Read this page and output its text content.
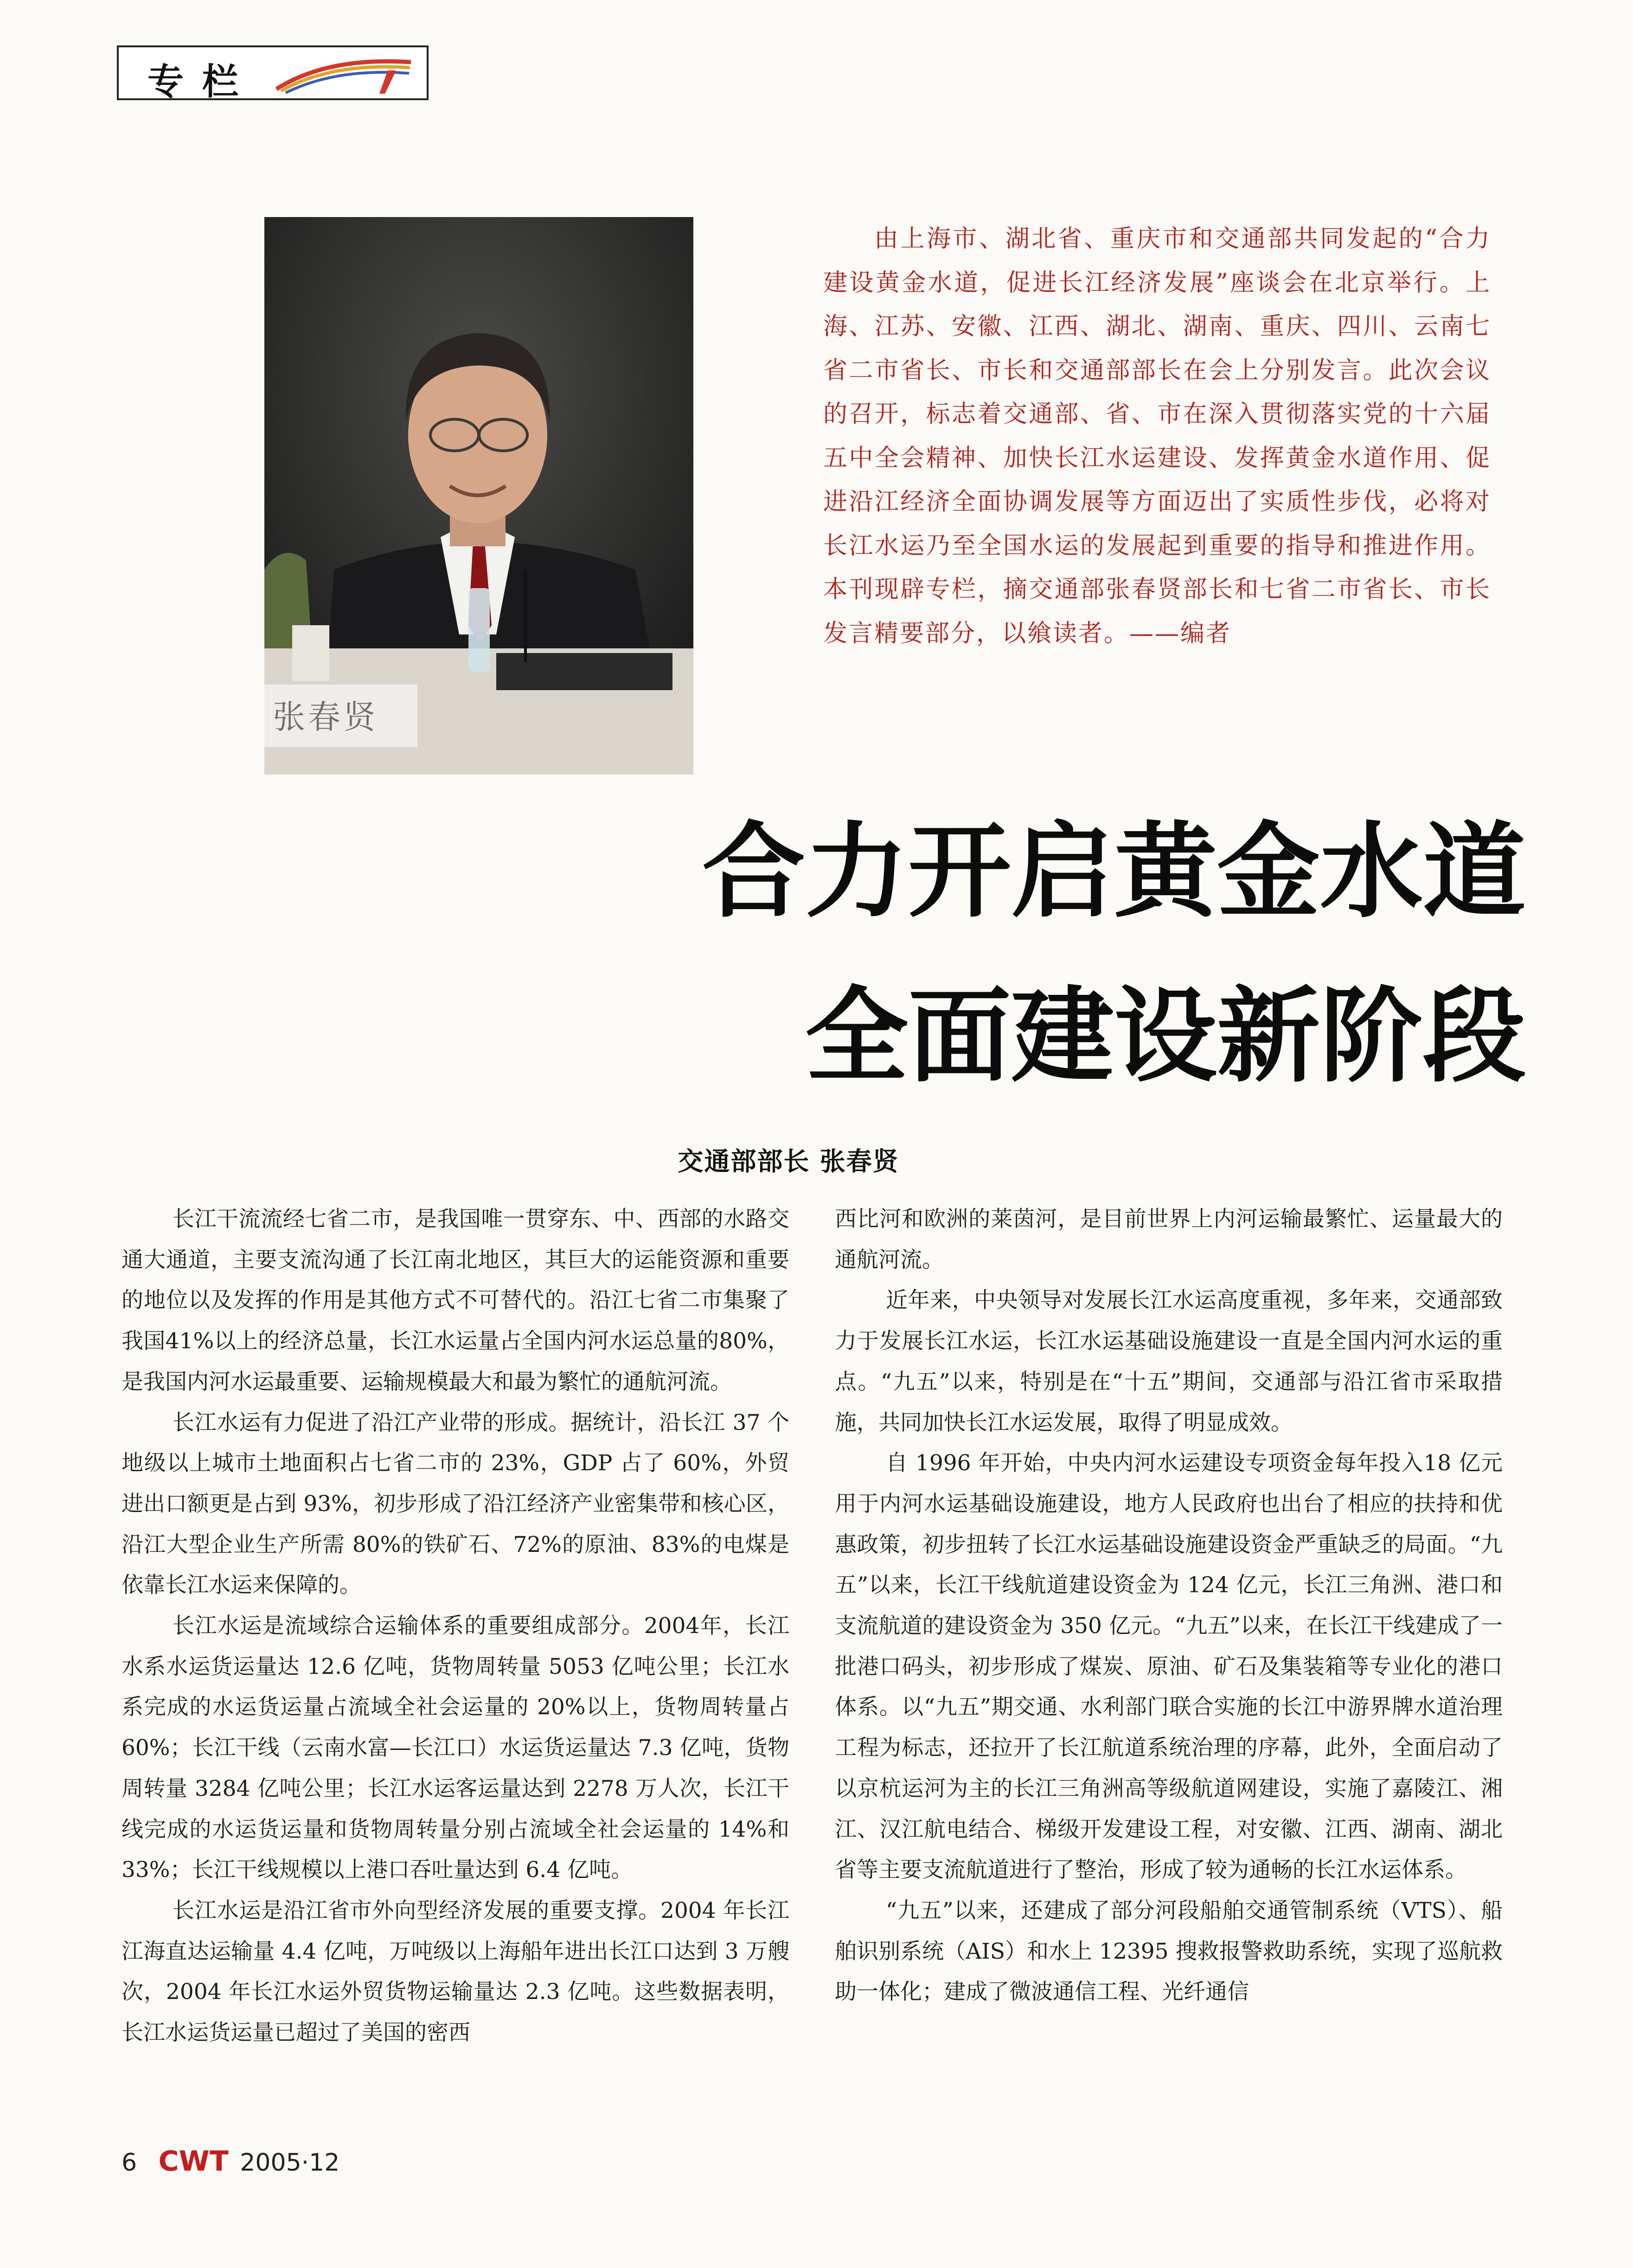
专栏
张春贤
由上海市、湖北省、重庆市和交通部共同发起的“合力建设黄金水道，促进长江经济发展”座谈会在北京举行。上海、江苏、安徽、江西、湖北、湖南、重庆、四川、云南七省二市省长、市长和交通部部长在会上分别发言。此次会议的召开，标志着交通部、省、市在深入贯彻落实党的十六届五中全会精神、加快长江水运建设、发挥黄金水道作用、促进沿江经济全面协调发展等方面迈出了实质性步伐，必将对长江水运乃至全国水运的发展起到重要的指导和推进作用。本刊现辟专栏，摘交通部张春贤部长和七省二市省长、市长发言精要部分，以飨读者。——编者
合力开启黄金水道
全面建设新阶段
交通部部长 张春贤

长江干流流经七省二市，是我国唯一贯穿东、中、西部的水路交通大通道，主要支流沟通了长江南北地区，其巨大的运能资源和重要的地位以及发挥的作用是其他方式不可替代的。沿江七省二市集聚了我国41%以上的经济总量，长江水运量占全国内河水运总量的80%，是我国内河水运最重要、运输规模最大和最为繁忙的通航河流。

长江水运有力促进了沿江产业带的形成。据统计，沿长江 37 个地级以上城市土地面积占七省二市的 23%，GDP 占了 60%，外贸进出口额更是占到 93%，初步形成了沿江经济产业密集带和核心区，沿江大型企业生产所需 80%的铁矿石、72%的原油、83%的电煤是依靠长江水运来保障的。

长江水运是流域综合运输体系的重要组成部分。2004年，长江水系水运货运量达 12.6 亿吨，货物周转量 5053 亿吨公里；长江水系完成的水运货运量占流域全社会运量的 20%以上，货物周转量占 60%；长江干线（云南水富—长江口）水运货运量达 7.3 亿吨，货物周转量 3284 亿吨公里；长江水运客运量达到 2278 万人次，长江干线完成的水运货运量和货物周转量分别占流域全社会运量的 14%和 33%；长江干线规模以上港口吞吐量达到 6.4 亿吨。

长江水运是沿江省市外向型经济发展的重要支撑。2004 年长江江海直达运输量 4.4 亿吨，万吨级以上海船年进出长江口达到 3 万艘次，2004 年长江水运外贸货物运输量达 2.3 亿吨。这些数据表明，长江水运货运量已超过了美国的密西

西比河和欧洲的莱茵河，是目前世界上内河运输最繁忙、运量最大的通航河流。

近年来，中央领导对发展长江水运高度重视，多年来，交通部致力于发展长江水运，长江水运基础设施建设一直是全国内河水运的重点。“九五”以来，特别是在“十五”期间，交通部与沿江省市采取措施，共同加快长江水运发展，取得了明显成效。

自 1996 年开始，中央内河水运建设专项资金每年投入18 亿元用于内河水运基础设施建设，地方人民政府也出台了相应的扶持和优惠政策，初步扭转了长江水运基础设施建设资金严重缺乏的局面。“九五”以来，长江干线航道建设资金为 124 亿元，长江三角洲、港口和支流航道的建设资金为 350 亿元。“九五”以来，在长江干线建成了一批港口码头，初步形成了煤炭、原油、矿石及集装箱等专业化的港口体系。以“九五”期交通、水利部门联合实施的长江中游界牌水道治理工程为标志，还拉开了长江航道系统治理的序幕，此外，全面启动了以京杭运河为主的长江三角洲高等级航道网建设，实施了嘉陵江、湘江、汉江航电结合、梯级开发建设工程，对安徽、江西、湖南、湖北省等主要支流航道进行了整治，形成了较为通畅的长江水运体系。

“九五”以来，还建成了部分河段船舶交通管制系统（VTS）、船舶识别系统（AIS）和水上 12395 搜救报警救助系统，实现了巡航救助一体化；建成了微波通信工程、光纤通信

6 CWT 2005·12
